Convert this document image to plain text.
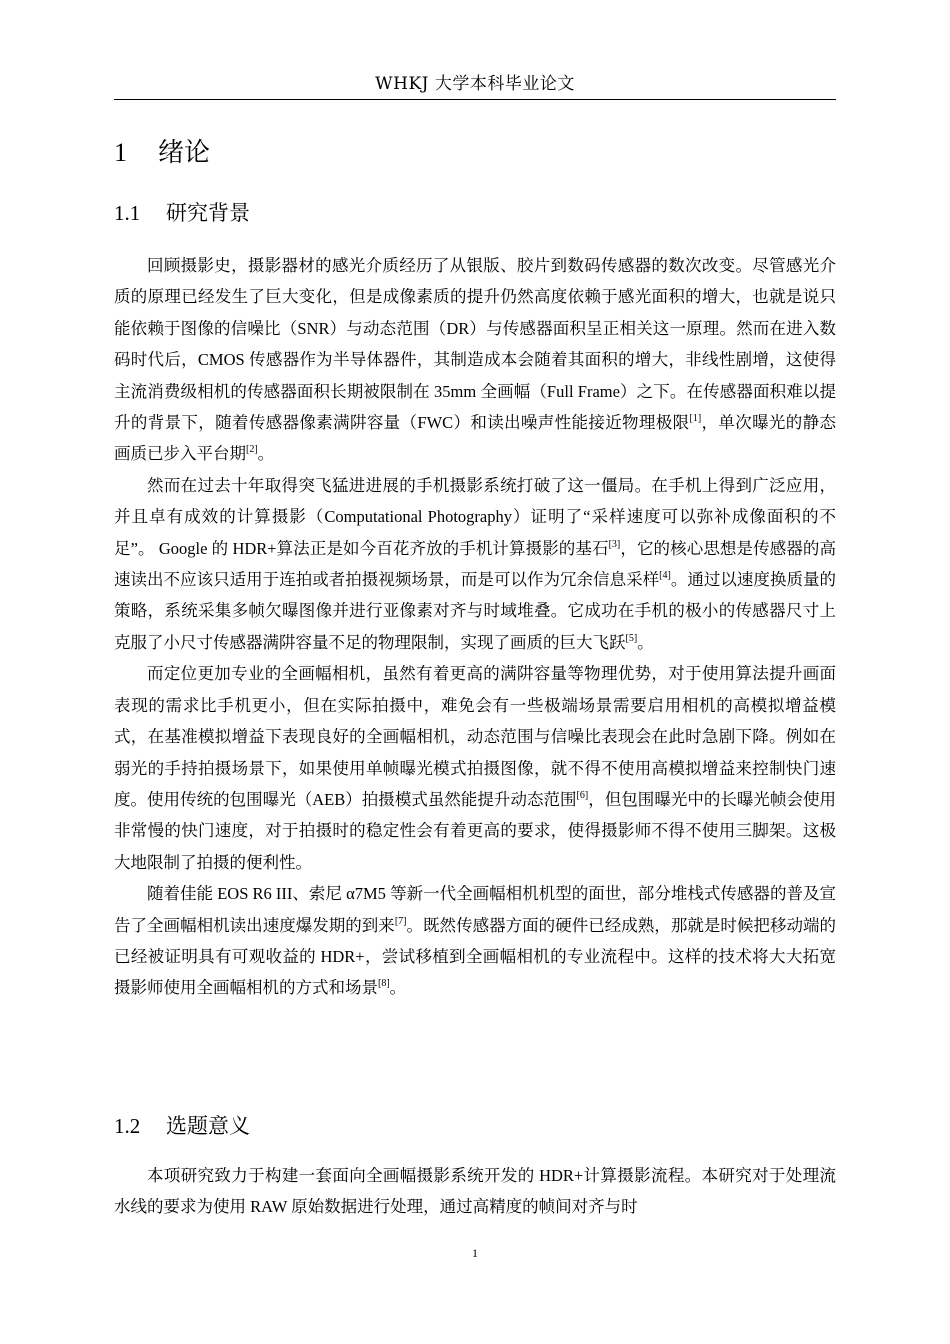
WHKJ 大学本科毕业论文
1 绪论
1.1 研究背景

回顾摄影史，摄影器材的感光介质经历了从银版、胶片到数码传感器的数次改变。尽管感光介质的原理已经发生了巨大变化，但是成像素质的提升仍然高度依赖于感光面积的增大，也就是说只能依赖于图像的信噪比（SNR）与动态范围（DR）与传感器面积呈正相关这一原理。然而在进入数码时代后，CMOS 传感器作为半导体器件，其制造成本会随着其面积的增大，非线性剧增，这使得主流消费级相机的传感器面积长期被限制在 35mm 全画幅（Full Frame）之下。在传感器面积难以提升的背景下，随着传感器像素满阱容量（FWC）和读出噪声性能接近物理极限[1]，单次曝光的静态画质已步入平台期[2]。

然而在过去十年取得突飞猛进进展的手机摄影系统打破了这一僵局。在手机上得到广泛应用，并且卓有成效的计算摄影（Computational Photography）证明了“采样速度可以弥补成像面积的不足”。 Google 的 HDR+算法正是如今百花齐放的手机计算摄影的基石[3]，它的核心思想是传感器的高速读出不应该只适用于连拍或者拍摄视频场景，而是可以作为冗余信息采样[4]。通过以速度换质量的策略，系统采集多帧欠曝图像并进行亚像素对齐与时域堆叠。它成功在手机的极小的传感器尺寸上克服了小尺寸传感器满阱容量不足的物理限制，实现了画质的巨大飞跃[5]。

而定位更加专业的全画幅相机，虽然有着更高的满阱容量等物理优势，对于使用算法提升画面表现的需求比手机更小，但在实际拍摄中，难免会有一些极端场景需要启用相机的高模拟增益模式，在基准模拟增益下表现良好的全画幅相机，动态范围与信噪比表现会在此时急剧下降。例如在弱光的手持拍摄场景下，如果使用单帧曝光模式拍摄图像，就不得不使用高模拟增益来控制快门速度。使用传统的包围曝光（AEB）拍摄模式虽然能提升动态范围[6]，但包围曝光中的长曝光帧会使用非常慢的快门速度，对于拍摄时的稳定性会有着更高的要求，使得摄影师不得不使用三脚架。这极大地限制了拍摄的便利性。

随着佳能 EOS R6 III、索尼 α7M5 等新一代全画幅相机机型的面世，部分堆栈式传感器的普及宣告了全画幅相机读出速度爆发期的到来[7]。既然传感器方面的硬件已经成熟，那就是时候把移动端的已经被证明具有可观收益的 HDR+，尝试移植到全画幅相机的专业流程中。这样的技术将大大拓宽摄影师使用全画幅相机的方式和场景[8]。

1.2 选题意义

本项研究致力于构建一套面向全画幅摄影系统开发的 HDR+计算摄影流程。本研究对于处理流水线的要求为使用 RAW 原始数据进行处理，通过高精度的帧间对齐与时

1
